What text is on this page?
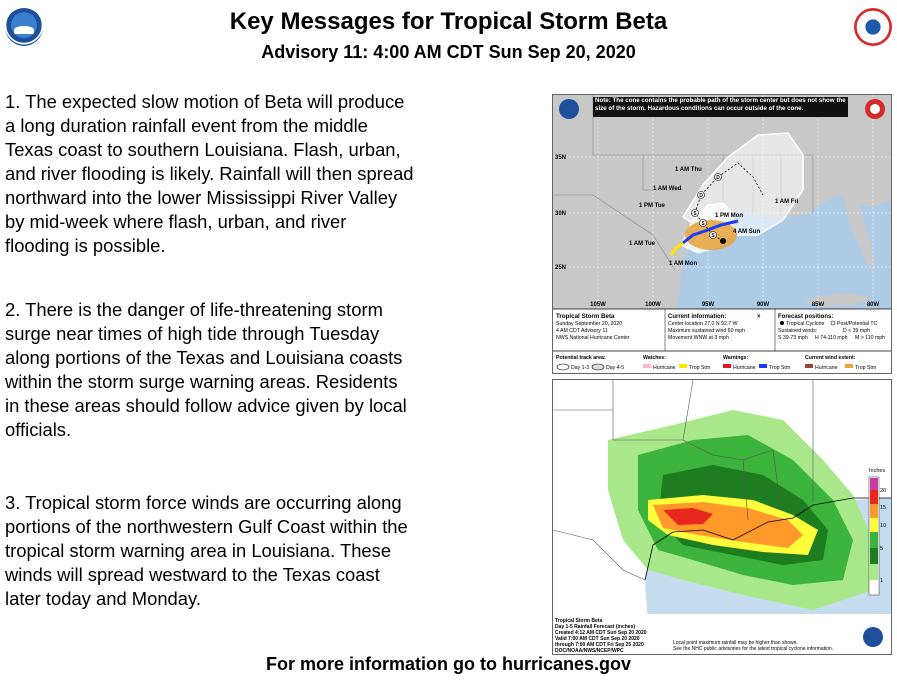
Key Messages for Tropical Storm Beta
Advisory 11: 4:00 AM CDT Sun Sep 20, 2020
1. The expected slow motion of Beta will produce a long duration rainfall event from the middle Texas coast to southern Louisiana. Flash, urban, and river flooding is likely. Rainfall will then spread northward into the lower Mississippi River Valley by mid-week where flash, urban, and river flooding is possible.
2. There is the danger of life-threatening storm surge near times of high tide through Tuesday along portions of the Texas and Louisiana coasts within the storm surge warning areas. Residents in these areas should follow advice given by local officials.
3. Tropical storm force winds are occurring along portions of the northwestern Gulf Coast within the tropical storm warning area in Louisiana. These winds will spread westward to the Texas coast later today and Monday.
Note: The cone contains the probable path of the storm center but does not show the size of the storm. Hazardous conditions can occur outside of the cone.
S
S
S
D
D
1 AM Thu
1 AM Wed
1 PM Tue
1 AM Tue
1 AM Mon
1 PM Mon
4 AM Sun
1 AM Fri
35N
30N
25N
105W	100W	95W	90W	85W	80W
Tropical Storm Beta
Sunday September 20, 2020
4 AM CDT Advisory 11
NWS National Hurricane Center
Current information:	×
Center location 27.0 N 92.7 W
Maximum sustained wind 60 mph
Movement WNW at 3 mph
Forecast positions:
Tropical Cyclone Post/Potential TC
Sustained winds:	D < 39 mph
S 39-73 mph H 74-110 mph M > 110 mph
Potential track area:
Day 1-3	Day 4-5
Watches:
Hurricane	Trop Stm
Warnings:
Hurricane	Trop Stm
Current wind extent:
Hurricane	Trop Stm
Inches
20
15
10
5
1
Tropical Storm Beta
Day 1-5 Rainfall Forecast (inches)
Created 4:12 AM CDT Sun Sep 20 2020
Valid 7:00 AM CDT Sun Sep 20 2020
through 7:00 AM CDT Fri Sep 25 2020
DOC/NOAA/NWS/NCEP/WPC
Local point maximum rainfall may be higher than shown.
See the NHC public advisories for the latest tropical cyclone information.
For more information go to hurricanes.gov
